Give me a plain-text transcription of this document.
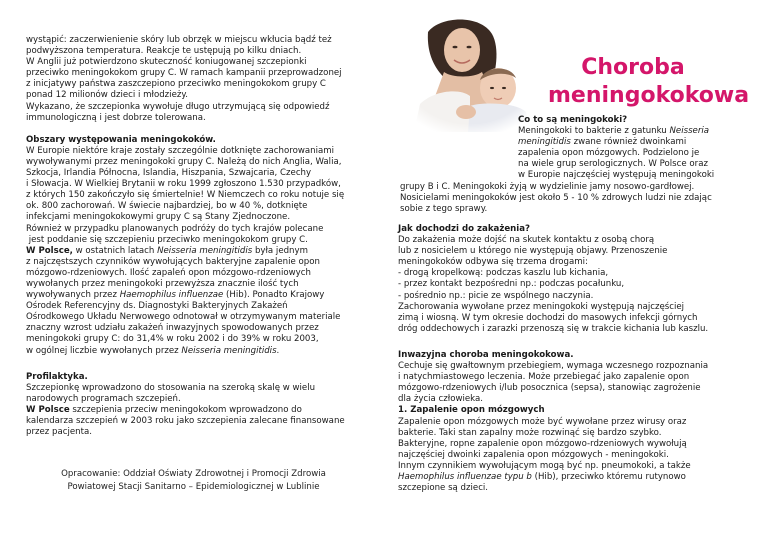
Choroba
meningokokowa

wystąpić: zaczerwienienie skóry lub obrzęk w miejscu wkłucia bądź też

podwyższona temperatura. Reakcje te ustępują po kilku dniach.

W Anglii już potwierdzono skuteczność koniugowanej szczepionki

przeciwko meningokokom grupy C. W ramach kampanii przeprowadzonej

z inicjatywy państwa zaszczepiono przeciwko meningokokom grupy C

ponad 12 milionów dzieci i młodzieży.

Wykazano, że szczepionka wywołuje długo utrzymującą się odpowiedź

immunologiczną i jest dobrze tolerowana.

Obszary występowania meningokoków.

W Europie niektóre kraje zostały szczególnie dotknięte zachorowaniami

wywoływanymi przez meningokoki grupy C. Należą do nich Anglia, Walia,

Szkocja, Irlandia Północna, Islandia, Hiszpania, Szwajcaria, Czechy

i Słowacja. W Wielkiej Brytanii w roku 1999 zgłoszono 1.530 przypadków,

z których 150 zakończyło się śmiertelnie! W Niemczech co roku notuje się

ok. 800 zachorowań. W świecie najbardziej, bo w 40 %, dotknięte

infekcjami meningokokowymi grupy C są Stany Zjednoczone.

Również w przypadku planowanych podróży do tych krajów polecane

jest poddanie się szczepieniu przeciwko meningokokom grupy C.

W Polsce, w ostatnich latach Neisseria meningitidis była jednym

z najczęstszych czynników wywołujących bakteryjne zapalenie opon

mózgowo-rdzeniowych. Ilość zapaleń opon mózgowo-rdzeniowych

wywołanych przez meningokoki przewyższa znacznie ilość tych

wywoływanych przez Haemophilus influenzae (Hib). Ponadto Krajowy

Ośrodek Referencyjny ds. Diagnostyki Bakteryjnych Zakażeń

Ośrodkowego Układu Nerwowego odnotował w otrzymywanym materiale

znaczny wzrost udziału zakażeń inwazyjnych spowodowanych przez

meningokoki grupy C: do 31,4% w roku 2002 i do 39% w roku 2003,

w ogólnej liczbie wywołanych przez Neisseria meningitidis.

Profilaktyka.

Szczepionkę wprowadzono do stosowania na szeroką skalę w wielu

narodowych programach szczepień.

W Polsce szczepienia przeciw meningokokom wprowadzono do

kalendarza szczepień w 2003 roku jako szczepienia zalecane finansowane

przez pacjenta.

Opracowanie: Oddział Oświaty Zdrowotnej i Promocji Zdrowia
Powiatowej Stacji Sanitarno – Epidemiologicznej w Lublinie

Co to są meningokoki?

Meningokoki to bakterie z gatunku Neisseria

meningitidis zwane również dwoinkami

zapalenia opon mózgowych. Podzielono je

na wiele grup serologicznych. W Polsce oraz

w Europie najczęściej występują meningokoki

grupy B i C. Meningokoki żyją w wydzielinie jamy nosowo-gardłowej.

Nosicielami meningokoków jest około 5 - 10 % zdrowych ludzi nie zdając

sobie z tego sprawy.

Jak dochodzi do zakażenia?

Do zakażenia może dojść na skutek kontaktu z osobą chorą

lub z nosicielem u którego nie występują objawy. Przenoszenie

meningokoków odbywa się trzema drogami:

- drogą kropelkową: podczas kaszlu lub kichania,

- przez kontakt bezpośredni np.: podczas pocałunku,

- pośrednio np.: picie ze wspólnego naczynia.

Zachorowania wywołane przez meningokoki występują najczęściej

zimą i wiosną. W tym okresie dochodzi do masowych infekcji górnych

dróg oddechowych i zarazki przenoszą się w trakcie kichania lub kaszlu.

Inwazyjna choroba meningokokowa.

Cechuje się gwałtownym przebiegiem, wymaga wczesnego rozpoznania

i natychmiastowego leczenia. Może przebiegać jako zapalenie opon

mózgowo-rdzeniowych i/lub posocznica (sepsa), stanowiąc zagrożenie

dla życia człowieka.

1. Zapalenie opon mózgowych

Zapalenie opon mózgowych może być wywołane przez wirusy oraz

bakterie. Taki stan zapalny może rozwinąć się bardzo szybko.

Bakteryjne, ropne zapalenie opon mózgowo-rdzeniowych wywołują

najczęściej dwoinki zapalenia opon mózgowych - meningokoki.

Innym czynnikiem wywołującym mogą być np. pneumokoki, a także

Haemophilus influenzae typu b (Hib), przeciwko któremu rutynowo

szczepione są dzieci.
